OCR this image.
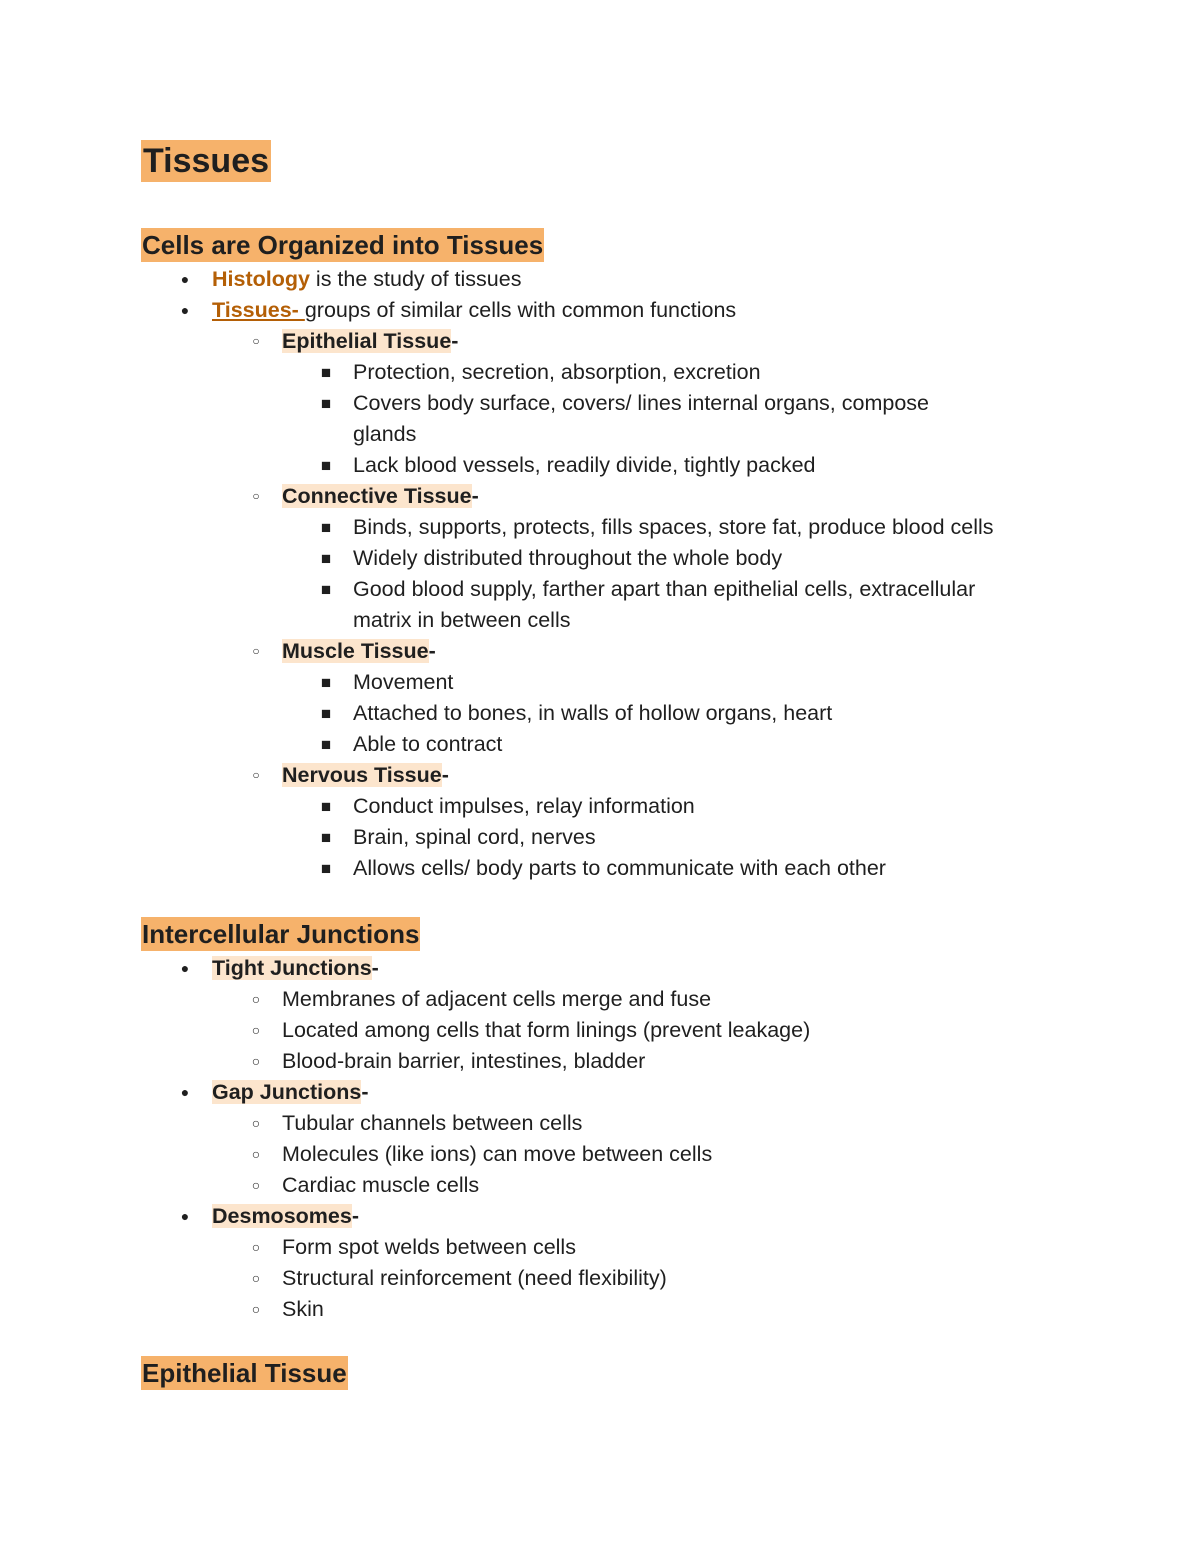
Tissues
Cells are Organized into Tissues
●	Histology is the study of tissues
●	Tissues- groups of similar cells with common functions
○	Epithelial Tissue-
■	Protection, secretion, absorption, excretion
■	Covers body surface, covers/ lines internal organs, compose
glands
■	Lack blood vessels, readily divide, tightly packed
○	Connective Tissue-
■	Binds, supports, protects, fills spaces, store fat, produce blood cells
■	Widely distributed throughout the whole body
■	Good blood supply, farther apart than epithelial cells, extracellular
matrix in between cells
○	Muscle Tissue-
■	Movement
■	Attached to bones, in walls of hollow organs, heart
■	Able to contract
○	Nervous Tissue-
■	Conduct impulses, relay information
■	Brain, spinal cord, nerves
■	Allows cells/ body parts to communicate with each other
Intercellular Junctions
●	Tight Junctions-
○	Membranes of adjacent cells merge and fuse
○	Located among cells that form linings (prevent leakage)
○	Blood-brain barrier, intestines, bladder
●	Gap Junctions-
○	Tubular channels between cells
○	Molecules (like ions) can move between cells
○	Cardiac muscle cells
●	Desmosomes-
○	Form spot welds between cells
○	Structural reinforcement (need flexibility)
○	Skin
Epithelial Tissue
